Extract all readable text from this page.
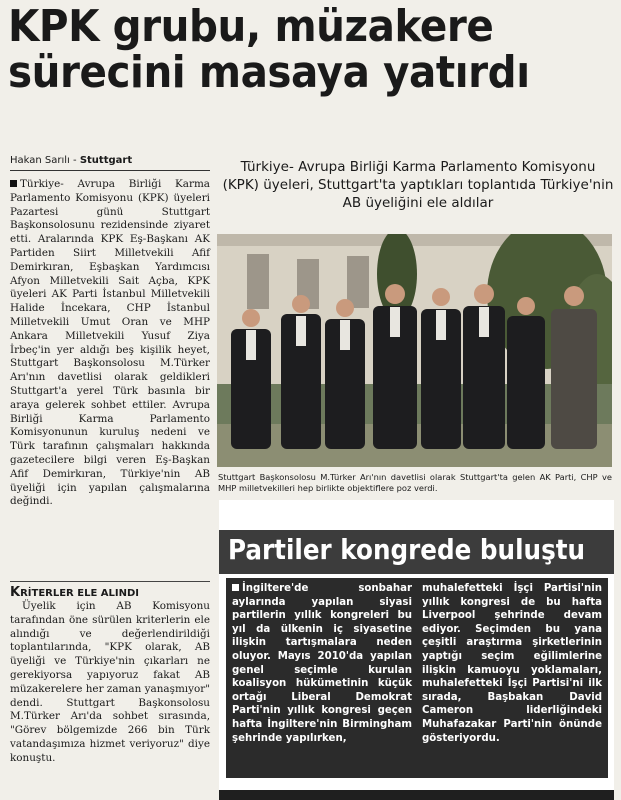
KPK grubu, müzakere
sürecini masaya yatırdı
Hakan Sarılı - Stuttgart	Türkiye- Avrupa Birliği Karma Parlamento Komisyonu (KPK) üyeleri, Stuttgart'ta yaptıkları toplantıda Türkiye'nin AB üyeliğini ele aldılar

Türkiye- Avrupa Birliği Karma Parlamento Komisyonu (KPK) üyeleri Pazartesi günü Stuttgart Başkonsolosunu rezidensinde ziyaret etti. Aralarında KPK Eş-Başkanı AK Partiden Siirt Milletvekili Afif Demirkıran, Eşbaşkan Yardımcısı Afyon Milletvekili Sait Açba, KPK üyeleri AK Parti İstanbul Milletvekili Halide İncekara, CHP İstanbul Milletvekili Umut Oran ve MHP Ankara Milletvekili Yusuf Ziya İrbeç'in yer aldığı beş kişilik heyet, Stuttgart Başkonsolosu M.Türker Arı'nın davetlisi olarak geldikleri Stuttgart'a yerel Türk basınla bir araya gelerek sohbet ettiler. Avrupa Birliği Karma Parlamento Komisyonunun kuruluş nedeni ve Türk tarafının çalışmaları hakkında gazetecilere bilgi veren Eş-Başkan Afif Demirkıran, Türkiye'nin AB üyeliği için yapılan çalışmalarına değindi.

KRİTERLER ELE ALINDI

Üyelik için AB Komisyonu tarafından öne sürülen kriterlerin ele alındığı ve değerlendirildiği toplantılarında, "KPK olarak, AB üyeliği ve Türkiye'nin çıkarları ne gerekiyorsa yapıyoruz fakat AB müzakerelere her zaman yanaşmıyor" dendi. Stuttgart Başkonsolosu M.Türker Arı'da sohbet sırasında, "Görev bölgemizde 266 bin Türk vatandaşımıza hizmet veriyoruz" diye konuştu.

Stuttgart Başkonsolosu M.Türker Arı'nın davetlisi olarak Stuttgart'ta gelen AK Parti, CHP ve MHP milletvekilleri hep birlikte objektiflere poz verdi.
Partiler kongrede buluştu

İngiltere'de sonbahar aylarında yapılan siyasi partilerin yıllık kongreleri bu yıl da ülkenin iç siyasetine ilişkin tartışmalara neden oluyor. Mayıs 2010'da yapılan genel seçimle kurulan koalisyon hükümetinin küçük ortağı Liberal Demokrat Parti'nin yıllık kongresi geçen hafta İngiltere'nin Birmingham şehrinde yapılırken,

muhalefetteki İşçi Partisi'nin yıllık kongresi de bu hafta Liverpool şehrinde devam ediyor. Seçimden bu yana çeşitli araştırma şirketlerinin yaptığı seçim eğilimlerine ilişkin kamuoyu yoklamaları, muhalefetteki İşçi Partisi'ni ilk sırada, Başbakan David Cameron liderliğindeki Muhafazakar Parti'nin önünde gösteriyordu.
